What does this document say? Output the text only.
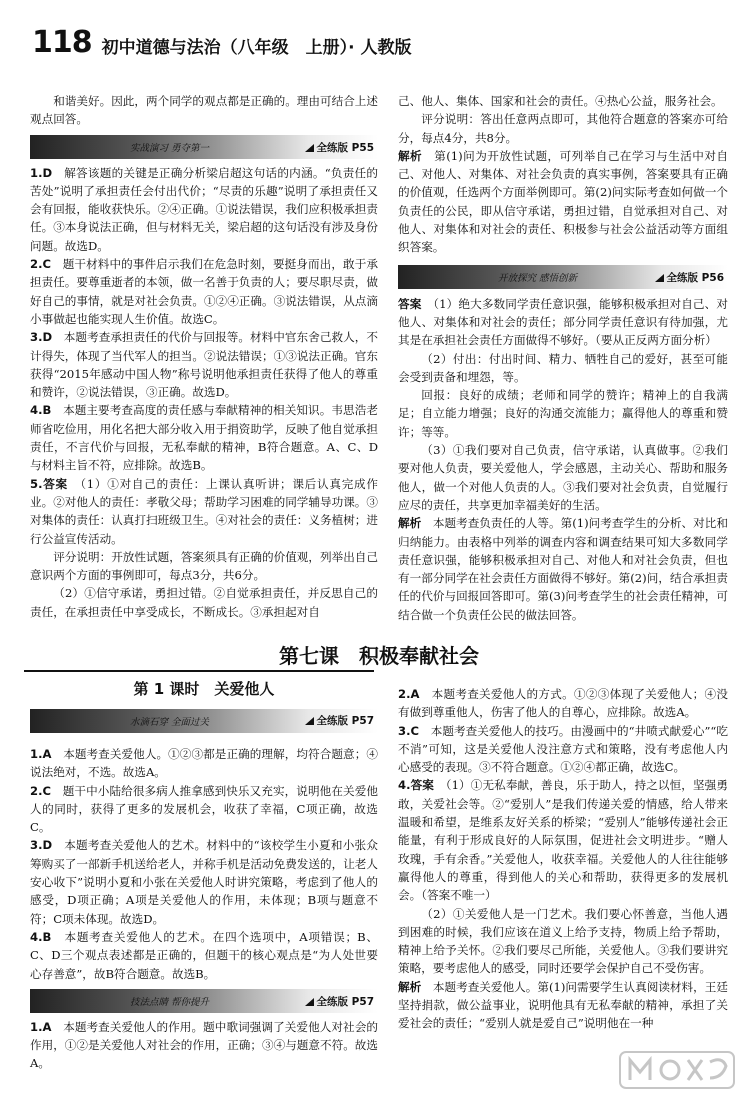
118 初中道德与法治（八年级　上册）· 人教版

和谐美好。因此，两个同学的观点都是正确的。理由可结合上述观点回答。

实战演习 勇夺第一	全练版 P55

1.D　 解答该题的关键是正确分析梁启超这句话的内涵。“负责任的苦处”说明了承担责任会付出代价；“尽责的乐趣”说明了承担责任又会有回报，能收获快乐。②④正确。①说法错误，我们应积极承担责任。③本身说法正确，但与材料无关，梁启超的这句话没有涉及身份问题。故选D。

2.C　 题干材料中的事件启示我们在危急时刻，要挺身而出，敢于承担责任。要尊重逝者的本领，做一名善于负责的人；要尽职尽责，做好自己的事情，就是对社会负责。①②④正确。③说法错误，从点滴小事做起也能实现人生价值。故选C。

3.D　 本题考查承担责任的代价与回报等。材料中官东舍己救人，不计得失，体现了当代军人的担当。②说法错误；①③说法正确。官东获得“2015年感动中国人物”称号说明他承担责任获得了他人的尊重和赞许，②说法错误，③正确。故选D。

4.B　 本题主要考查高度的责任感与奉献精神的相关知识。韦思浩老师省吃俭用，用化名把大部分收入用于捐资助学，反映了他自觉承担责任，不言代价与回报，无私奉献的精神，B符合题意。A、C、D与材料主旨不符，应排除。故选B。

5.答案　 （1）①对自己的责任：上课认真听讲；课后认真完成作业。②对他人的责任：孝敬父母；帮助学习困难的同学辅导功课。③对集体的责任：认真打扫班级卫生。④对社会的责任：义务植树；进行公益宣传活动。

评分说明：开放性试题，答案须具有正确的价值观，列举出自己意识两个方面的事例即可，每点3分，共6分。

（2）①信守承诺，勇担过错。②自觉承担责任，并反思自己的责任，在承担责任中享受成长，不断成长。③承担起对自

己、他人、集体、国家和社会的责任。④热心公益，服务社会。

评分说明：答出任意两点即可，其他符合题意的答案亦可给分，每点4分，共8分。

解析　 第(1)问为开放性试题，可列举自己在学习与生活中对自己、对他人、对集体、对社会负责的真实事例，答案要具有正确的价值观，任选两个方面举例即可。第(2)问实际考查如何做一个负责任的公民，即从信守承诺，勇担过错，自觉承担对自己、对他人、对集体和对社会的责任、积极参与社会公益活动等方面组织答案。

开放探究 感悟创新	全练版 P56

答案　 （1）绝大多数同学责任意识强，能够积极承担对自己、对他人、对集体和对社会的责任；部分同学责任意识有待加强，尤其是在承担社会责任方面做得不够好。（要从正反两方面分析）

（2）付出：付出时间、精力、牺牲自己的爱好，甚至可能会受到责备和埋怨，等。

回报：良好的成绩；老师和同学的赞许；精神上的自我满足；自立能力增强；良好的沟通交流能力；赢得他人的尊重和赞许；等等。

（3）①我们要对自己负责，信守承诺，认真做事。②我们要对他人负责，要关爱他人，学会感恩，主动关心、帮助和服务他人，做一个对他人负责的人。③我们要对社会负责，自觉履行应尽的责任，共享更加幸福美好的生活。

解析　 本题考查负责任的人等。第(1)问考查学生的分析、对比和归纳能力。由表格中列举的调查内容和调查结果可知大多数同学责任意识强，能够积极承担对自己、对他人和对社会负责，但也有一部分同学在社会责任方面做得不够好。第(2)问，结合承担责任的代价与回报回答即可。第(3)问考查学生的社会责任精神，可结合做一个负责任公民的做法回答。

第七课　积极奉献社会
第 1 课时　关爱他人
水滴石穿 全面过关	全练版 P57

1.A　 本题考查关爱他人。①②③都是正确的理解，均符合题意；④说法绝对，不选。故选A。

2.C　 题干中小陆给很多病人推拿感到快乐又充实，说明他在关爱他人的同时，获得了更多的发展机会，收获了幸福，C项正确，故选C。

3.D　 本题考查关爱他人的艺术。材料中的“该校学生小夏和小张众筹购买了一部新手机送给老人，并称手机是活动免费发送的，让老人安心收下”说明小夏和小张在关爱他人时讲究策略，考虑到了他人的感受，D项正确；A项是关爱他人的作用，未体现；B项与题意不符；C项未体现。故选D。

4.B　 本题考查关爱他人的艺术。在四个选项中，A项错误；B、C、D三个观点表述都是正确的，但题干的核心观点是“为人处世要心存善意”，故B符合题意。故选B。

技法点睛 帮你提升	全练版 P57

1.A　 本题考查关爱他人的作用。题中歌词强调了关爱他人对社会的作用，①②是关爱他人对社会的作用，正确；③④与题意不符。故选A。

2.A　 本题考查关爱他人的方式。①②③体现了关爱他人；④没有做到尊重他人，伤害了他人的自尊心，应排除。故选A。

3.C　 本题考查关爱他人的技巧。由漫画中的“井喷式献爱心”“吃不消”可知，这是关爱他人没注意方式和策略，没有考虑他人内心感受的表现。③不符合题意。①②④都正确，故选C。

4.答案　 （1）①无私奉献，善良，乐于助人，持之以恒，坚强勇敢，关爱社会等。②“爱别人”是我们传递关爱的情感，给人带来温暖和希望，是维系友好关系的桥梁；“爱别人”能够传递社会正能量，有利于形成良好的人际氛围，促进社会文明进步。“赠人玫瑰，手有余香。”关爱他人，收获幸福。关爱他人的人往往能够赢得他人的尊重，得到他人的关心和帮助，获得更多的发展机会。（答案不唯一）

（2）①关爱他人是一门艺术。我们要心怀善意，当他人遇到困难的时候，我们应该在道义上给予支持，物质上给予帮助，精神上给予关怀。②我们要尽己所能，关爱他人。③我们要讲究策略，要考虑他人的感受，同时还要学会保护自己不受伤害。

解析　 本题考查关爱他人。第(1)问需要学生认真阅读材料，王廷坚持捐款，做公益事业，说明他具有无私奉献的精神，承担了关爱社会的责任；“爱别人就是爱自己”说明他在一种
